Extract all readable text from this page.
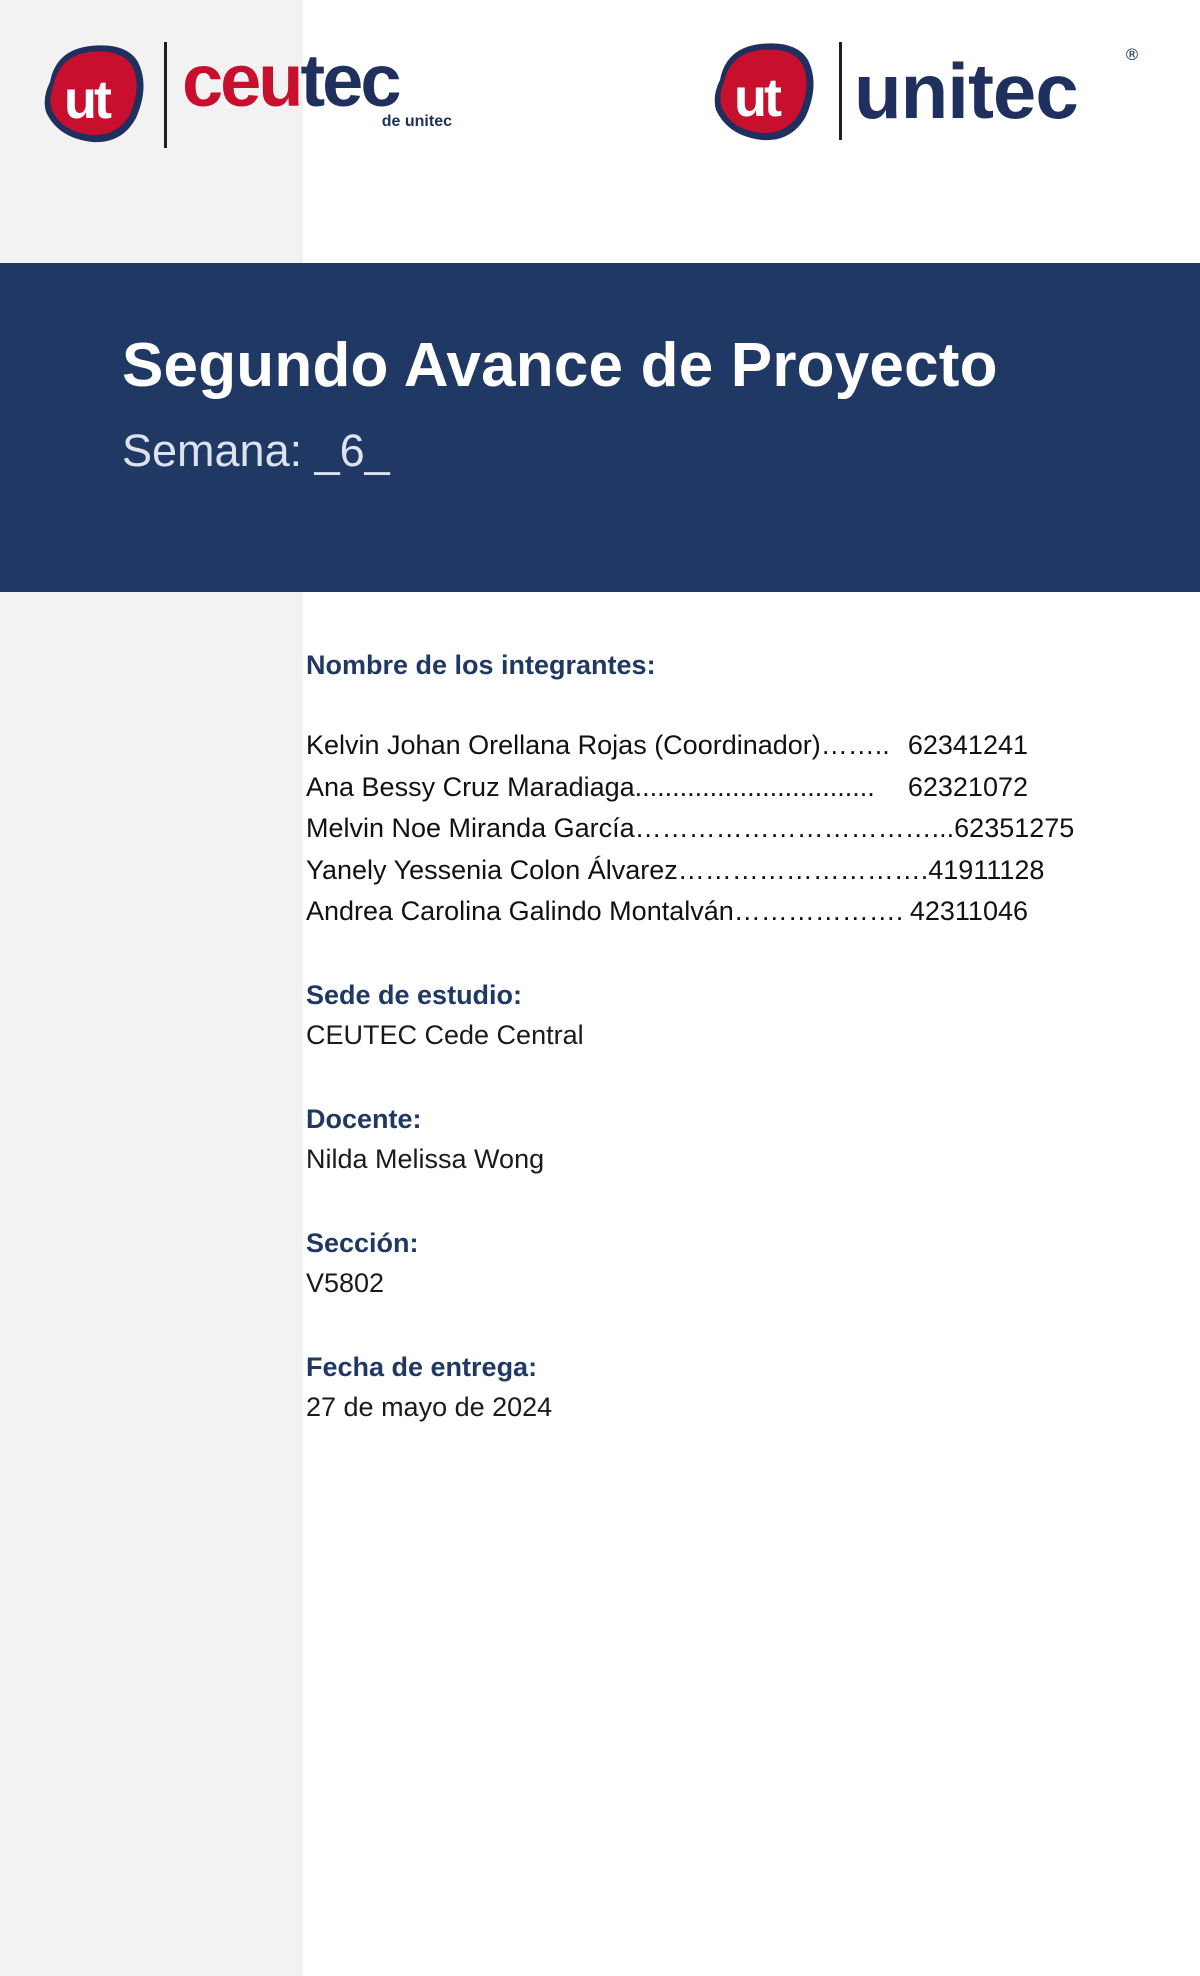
ut ceutec
de unitec	ut unitec	®
Segundo Avance de Proyecto

Semana: _6_

Nombre de los integrantes:

Kelvin Johan Orellana Rojas (Coordinador) …….. 62341241
Ana Bessy Cruz Maradiaga ................................	62321072
Melvin Noe Miranda García ……………………………... 62351275
Yanely Yessenia Colon Álvarez ………………………. 41911128
Andrea Carolina Galindo Montalván ………………. 42311046

Sede de estudio:

CEUTEC Cede Central

Docente:

Nilda Melissa Wong

Sección:

V5802

Fecha de entrega:

27 de mayo de 2024
